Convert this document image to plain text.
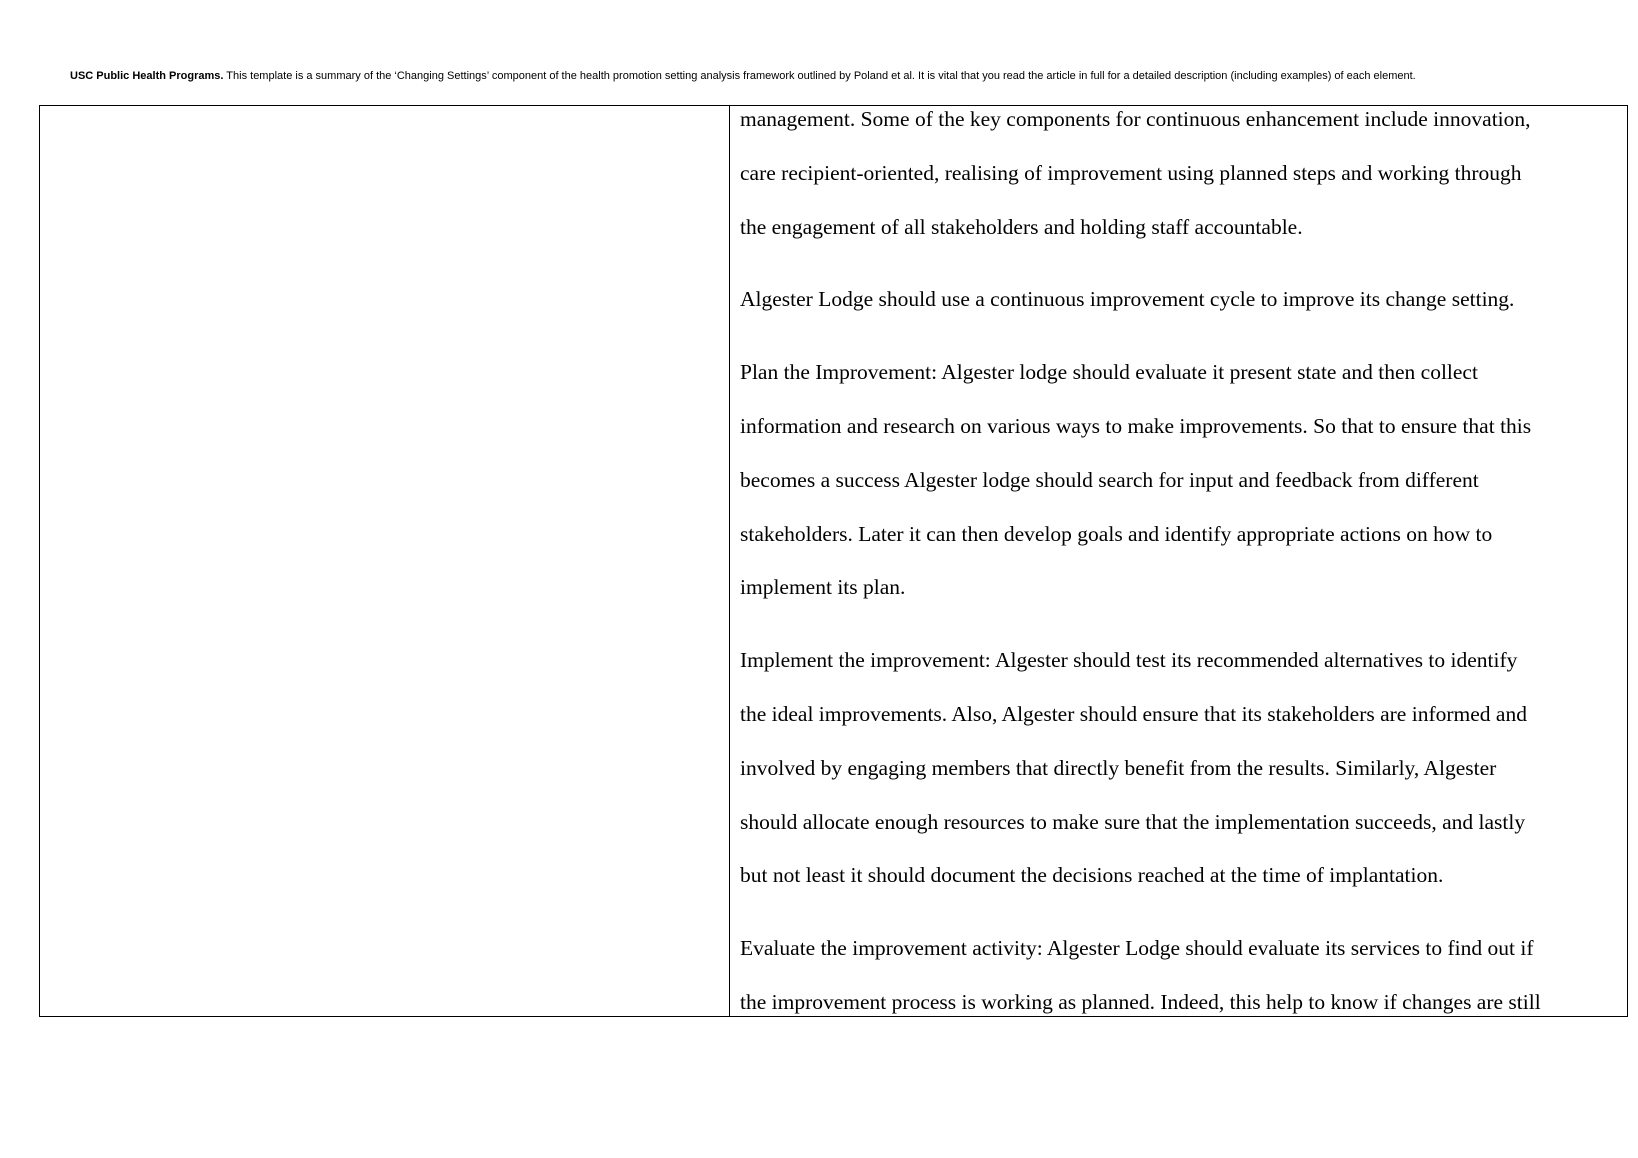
USC Public Health Programs. This template is a summary of the ‘Changing Settings’ component of the health promotion setting analysis framework outlined by Poland et al. It is vital that you read the article in full for a detailed description (including examples) of each element.

management. Some of the key components for continuous enhancement include innovation,
care recipient-oriented, realising of improvement using planned steps and working through
the engagement of all stakeholders and holding staff accountable.

Algester Lodge should use a continuous improvement cycle to improve its change setting.

Plan the Improvement: Algester lodge should evaluate it present state and then collect
information and research on various ways to make improvements. So that to ensure that this
becomes a success Algester lodge should search for input and feedback from different
stakeholders. Later it can then develop goals and identify appropriate actions on how to
implement its plan.

Implement the improvement: Algester should test its recommended alternatives to identify
the ideal improvements. Also, Algester should ensure that its stakeholders are informed and
involved by engaging members that directly benefit from the results. Similarly, Algester
should allocate enough resources to make sure that the implementation succeeds, and lastly
but not least it should document the decisions reached at the time of implantation.

Evaluate the improvement activity: Algester Lodge should evaluate its services to find out if
the improvement process is working as planned. Indeed, this help to know if changes are still
